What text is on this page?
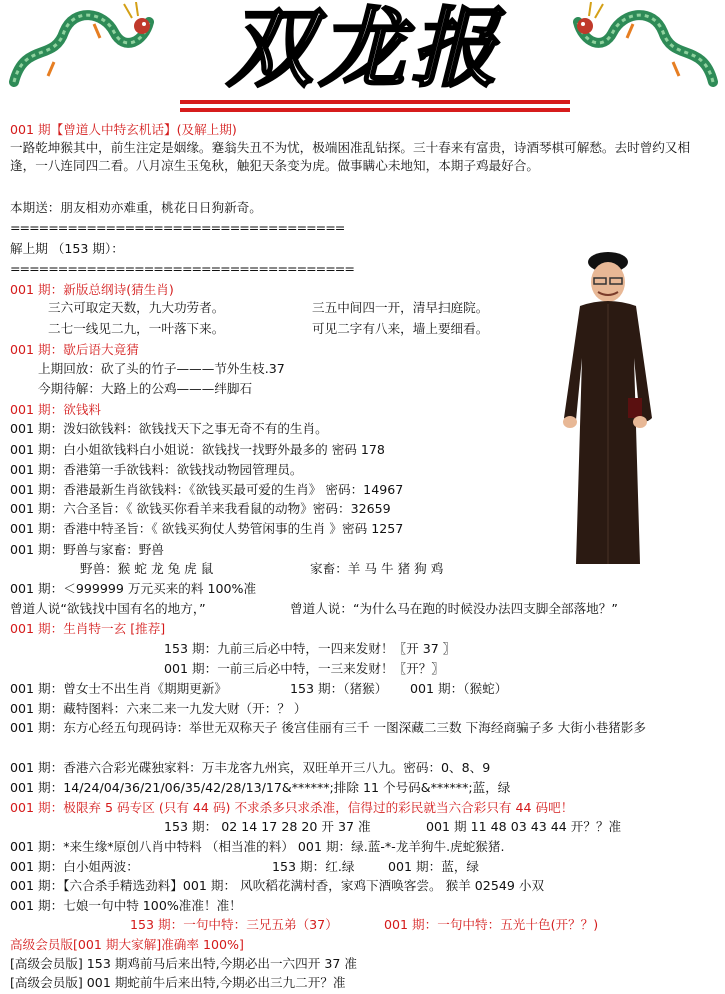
双龙报
001 期【曾道人中特玄机话】(及解上期)
一路乾坤猴其中，前生注定是姻缘。蹇翁失丑不为忧，极端困准乱钻探。三十春来有富贵，诗酒琴棋可解愁。去时曾约又相逢，一八连同四二看。八月凉生玉兔秋，触犯天条变为虎。做事瞒心未地知，本期子鸡最好合。
本期送：朋友相劝亦难重，桃花日日狗新奇。
===================================
解上期 （153 期）：
====================================
001 期：新版总纲诗(猜生肖)
三六可取定天数，九大功劳者。	三五中间四一开，清早扫庭院。
二七一线见二九，一叶落下来。	可见二字有八来，墙上要细看。
001 期：歇后语大竟猜
上期回放：砍了头的竹子———节外生枝.37
今期待解：大路上的公鸡———绊脚石
001 期：欲钱料
001 期：泼妇欲钱料：欲钱找天下之事无奇不有的生肖。
001 期：白小姐欲钱料白小姐说：欲钱找一找野外最多的 密码 178
001 期：香港第一手欲钱料：欲钱找动物园管理员。
001 期：香港最新生肖欲钱料：《欲钱买最可爱的生肖》 密码：14967
001 期：六合圣旨：《 欲钱买你看羊来我看鼠的动物》密码：32659
001 期：香港中特圣旨：《 欲钱买狗仗人势管闲事的生肖 》密码 1257
001 期：野兽与家畜：野兽
野兽：猴 蛇 龙 兔 虎 鼠	家畜：羊 马 牛 猪 狗 鸡
001 期：＜999999 万元买来的料 100%准
曾道人说“欲钱找中国有名的地方，”	曾道人说：“为什么马在跑的时候没办法四支脚全部落地？”
001 期：生肖特一玄 [推荐]
153 期：九前三后必中特，一四来发财！〖开 37 〗
001 期：一前三后必中特，一三来发财！〖开？〗
001 期：曾女士不出生肖《期期更新》	153 期：（猪猴） 001 期：（猴蛇）
001 期：藏特图料：六来二来一九发大财（开：？ ）
001 期：东方心经五句现码诗：举世无双称天子 後宫佳丽有三千 一图深藏二三数 下海经商骗子多 大街小巷猪影多
001 期：香港六合彩光碟独家料：万丰龙客九州宾，双旺单开三八九。密码：0、8、9
001 期：14/24/04/36/21/06/35/42/28/13/17&******;排除 11 个号码&******;蓝，绿
001 期：极限弃 5 码专区 (只有 44 码) 不求杀多只求杀准，信得过的彩民就当六合彩只有 44 码吧！
153 期： 02 14 17 28 20 开 37 准	001 期 11 48 03 43 44 开？？准
001 期：*来生缘*原创八肖中特料 （相当准的料） 001 期：绿.蓝-*-龙羊狗牛.虎蛇猴猪.
001 期：白小姐两波：	153 期：红.绿	001 期：蓝，绿
001 期：【六合杀手精选劲料】001 期： 风吹稻花满村香，家鸡下酒唤客尝。 猴羊 02549 小双
001 期：七娘一句中特 100%准准！准！
153 期：一句中特：三兄五弟（37）	001 期：一句中特：五光十色(开？？)
高级会员版[001 期大家解]准确率 100%]
[高级会员版] 153 期鸡前马后来出特,今期必出一六四开 37 准
[高级会员版] 001 期蛇前牛后来出特,今期必出三九二开？准
